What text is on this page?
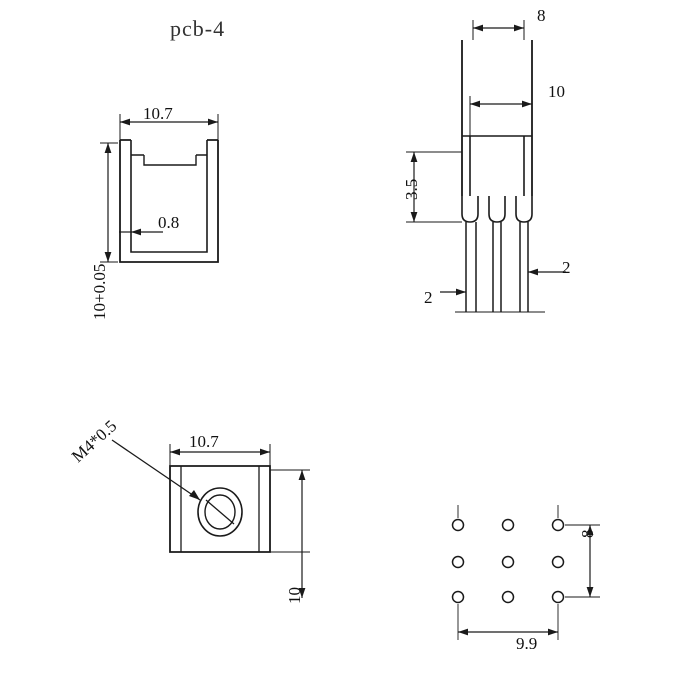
pcb-4
10.7
0.8
10+0.05
8
10
3.5
2
2
M4*0.5	10.7
10
8
9.9
